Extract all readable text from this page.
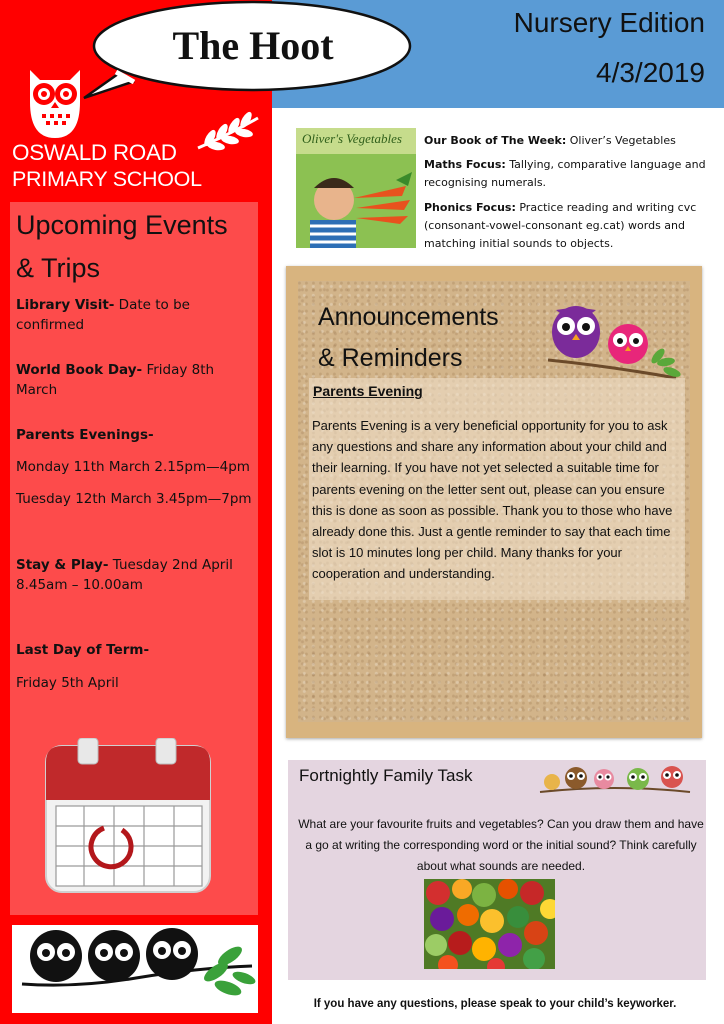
OSWALD ROAD
PRIMARY SCHOOL
Nursery Edition
4/3/2019
The Hoot
Upcoming Events
& Trips
Library Visit- Date to be confirmed
World Book Day- Friday 8th March
Parents Evenings-
Monday 11th March 2.15pm—4pm
Tuesday 12th March 3.45pm—7pm
Stay & Play- Tuesday 2nd April
8.45am – 10.00am
Last Day of Term-
Friday 5th April
Oliver's Vegetables	Our Book of The Week: Oliver’s Vegetables
Maths Focus: Tallying, comparative language and recognising numerals.
Phonics Focus: Practice reading and writing cvc (consonant-vowel-consonant eg.cat) words and matching initial sounds to objects.
Announcements
& Reminders
Parents Evening
Parents Evening is a very beneficial opportunity for you to ask any questions and share any information about your child and their learning. If you have not yet selected a suitable time for parents evening on the letter sent out, please can you ensure this is done as soon as possible. Thank you to those who have already done this. Just a gentle reminder to say that each time slot is 10 minutes long per child. Many thanks for your cooperation and understanding.
Fortnightly Family Task
What are your favourite fruits and vegetables? Can you draw them and have a go at writing the corresponding word or the initial sound? Think carefully about what sounds are needed.
If you have any questions, please speak to your child’s keyworker.
